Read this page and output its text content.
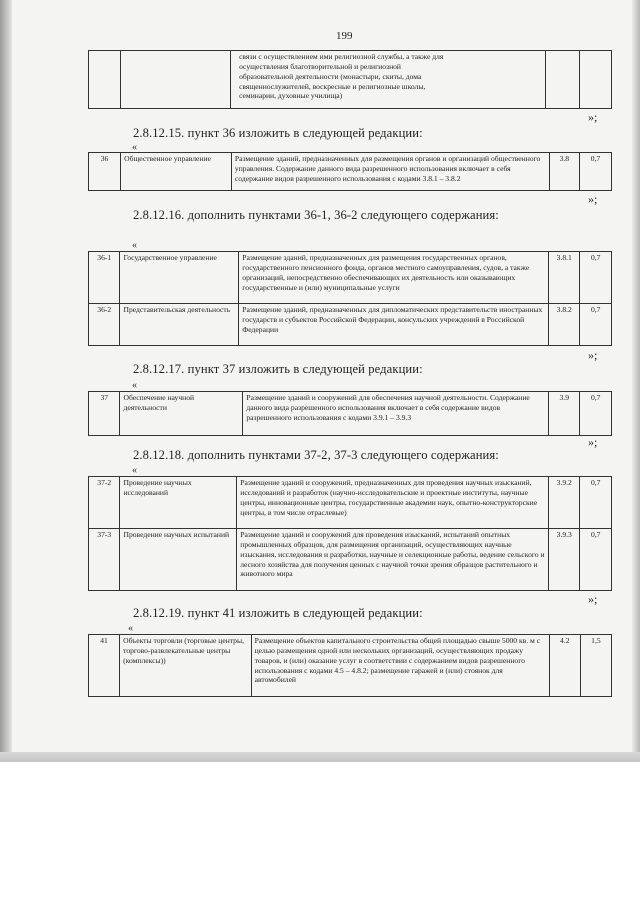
199

связи с осуществлением ими религиозной службы, а также для
осуществления благотворительной и религиозной
образовательной деятельности (монастыри, скиты, дома
священнослужителей, воскресные и религиозные школы,
семинарии, духовные училища)

»;
2.8.12.15. пункт 36 изложить в следующей редакции:
«
36	Общественное управление	Размещение зданий, предназначенных для размещения органов и организаций общественного управления. Содержание данного вида разрешенного использования включает в себя содержание видов разрешенного использования с кодами 3.8.1 – 3.8.2	3.8	0,7
»;
2.8.12.16. дополнить пунктами 36-1, 36-2 следующего содержания:
«
36-1	Государственное управление	Размещение зданий, предназначенных для размещения государственных органов, государственного пенсионного фонда, органов местного самоуправления, судов, а также организаций, непосредственно обеспечивающих их деятельность или оказывающих государственные и (или) муниципальные услуги	3.8.1	0,7
36-2	Представительская деятельность	Размещение зданий, предназначенных для дипломатических представительств иностранных государств и субъектов Российской Федерации, консульских учреждений в Российской Федерации	3.8.2	0,7
»;
2.8.12.17. пункт 37 изложить в следующей редакции:
«
37	Обеспечение научной деятельности	Размещение зданий и сооружений для обеспечения научной деятельности. Содержание данного вида разрешенного использования включает в себя содержание видов разрешенного использования с кодами 3.9.1 – 3.9.3	3.9	0,7
»;
2.8.12.18. дополнить пунктами 37-2, 37-3 следующего содержания:
«
37-2	Проведение научных исследований	Размещение зданий и сооружений, предназначенных для проведения научных изысканий, исследований и разработок (научно-исследовательские и проектные институты, научные центры, инновационные центры, государственные академии наук, опытно-конструкторские центры, в том числе отраслевые)	3.9.2	0,7
37-3	Проведение научных испытаний	Размещение зданий и сооружений для проведения изысканий, испытаний опытных промышленных образцов, для размещения организаций, осуществляющих научные изыскания, исследования и разработки, научные и селекционные работы, ведение сельского и лесного хозяйства для получения ценных с научной точки зрения образцов растительного и животного мира	3.9.3	0,7
»;
2.8.12.19. пункт 41 изложить в следующей редакции:
«
41	Объекты торговли (торговые центры, торгово-развлекательные центры (комплексы))	Размещение объектов капитального строительства общей площадью свыше 5000 кв. м с целью размещения одной или нескольких организаций, осуществляющих продажу товаров, и (или) оказание услуг в соответствии с содержанием видов разрешенного использования с кодами 4.5 – 4.8.2; размещение гаражей и (или) стоянок для автомобилей	4.2	1,5
